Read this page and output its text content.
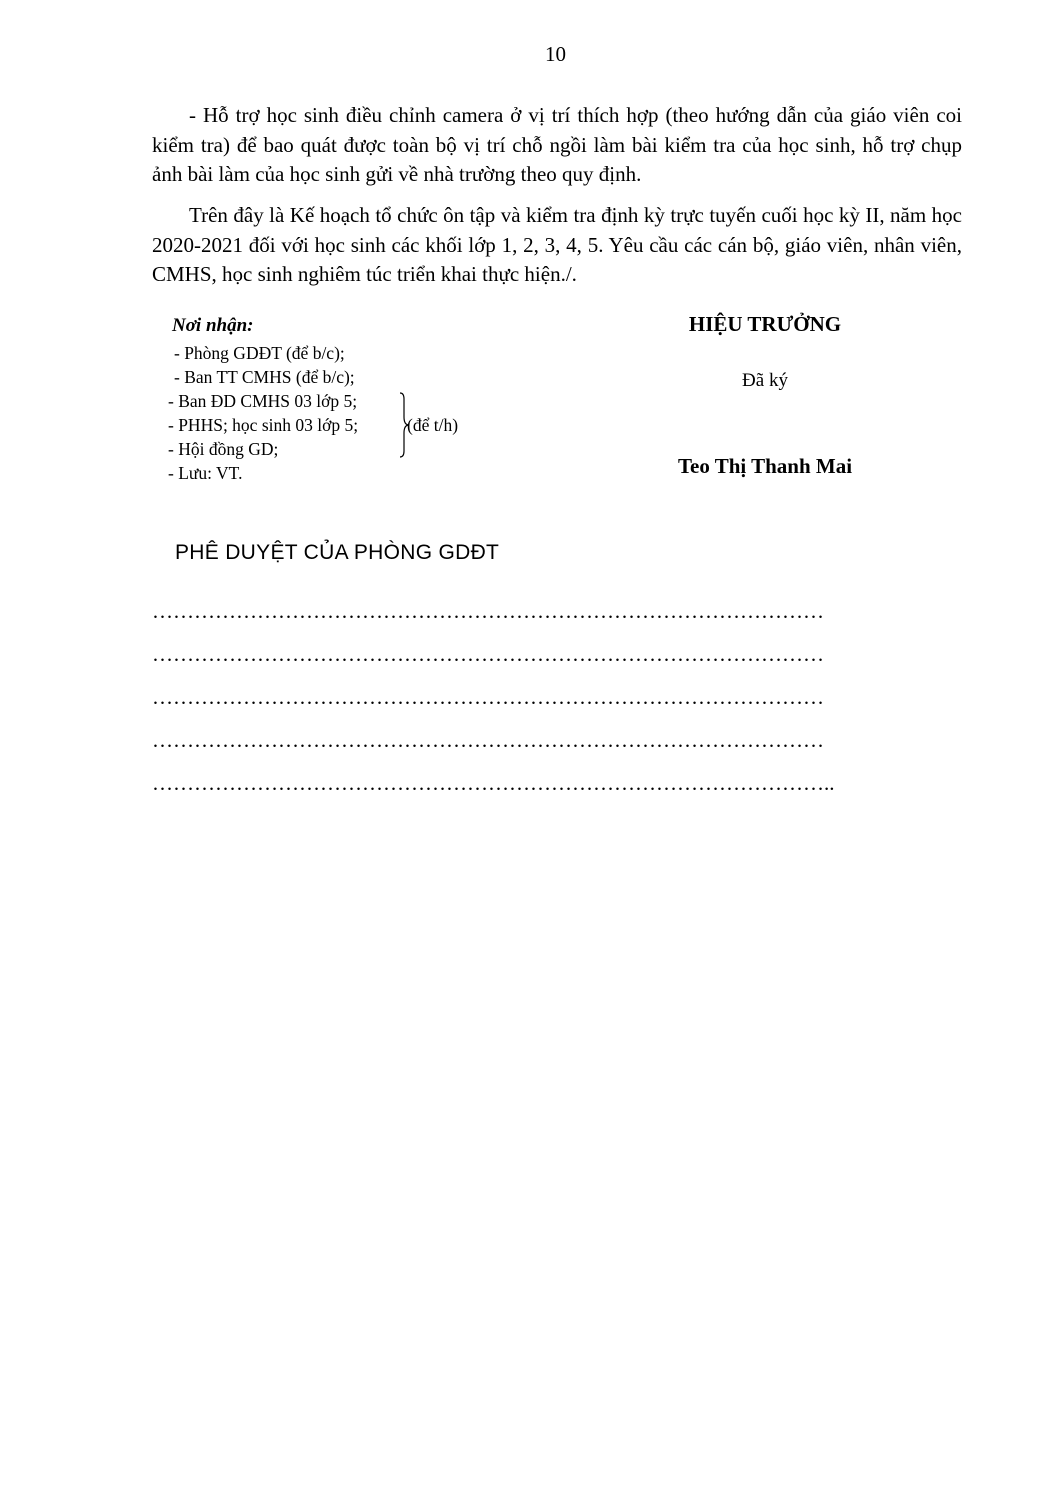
10

- Hỗ trợ học sinh điều chỉnh camera ở vị trí thích hợp (theo hướng dẫn của giáo viên coi kiểm tra) để bao quát được toàn bộ vị trí chỗ ngồi làm bài kiểm tra của học sinh, hỗ trợ chụp ảnh bài làm của học sinh gửi về nhà trường theo quy định.

Trên đây là Kế hoạch tổ chức ôn tập và kiểm tra định kỳ trực tuyến cuối học kỳ II, năm học 2020-2021 đối với học sinh các khối lớp 1, 2, 3, 4, 5. Yêu cầu các cán bộ, giáo viên, nhân viên, CMHS, học sinh nghiêm túc triển khai thực hiện./.

Nơi nhận:
- Phòng GDĐT (để b/c);
- Ban TT CMHS (để b/c);
- Ban ĐD CMHS 03 lớp 5;
- PHHS; học sinh 03 lớp 5;
- Hội đồng GD;
(để t/h)
- Lưu: VT.
HIỆU TRƯỞNG
Đã ký
Teo Thị Thanh Mai
PHÊ DUYỆT CỦA PHÒNG GDĐT
……………………………………………………………………………………
……………………………………………………………………………………
……………………………………………………………………………………
……………………………………………………………………………………
……………………………………………………………………………………..
